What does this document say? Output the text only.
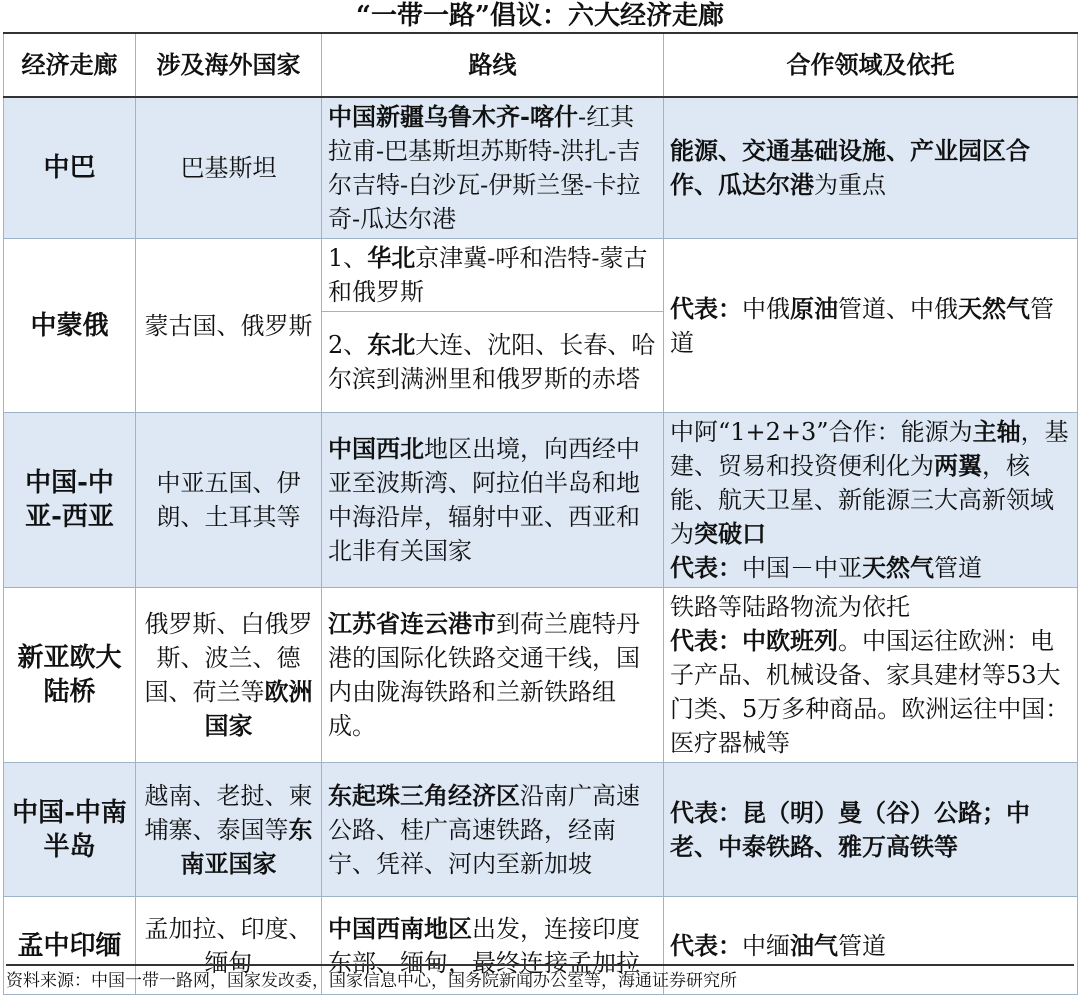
“一带一路”倡议：六大经济走廊
经济走廊	涉及海外国家	路线	合作领域及依托
中巴	巴基斯坦	中国新疆乌鲁木齐-喀什-红其拉甫-巴基斯坦苏斯特-洪扎-吉尔吉特-白沙瓦-伊斯兰堡-卡拉奇-瓜达尔港	能源、交通基础设施、产业园区合作、瓜达尔港为重点
中蒙俄	蒙古国、俄罗斯	1、华北京津冀-呼和浩特-蒙古和俄罗斯	代表：中俄原油管道、中俄天然气管道
		2、东北大连、沈阳、长春、哈尔滨到满洲里和俄罗斯的赤塔	
中国-中亚-西亚	中亚五国、伊朗、土耳其等	中国西北地区出境，向西经中亚至波斯湾、阿拉伯半岛和地中海沿岸，辐射中亚、西亚和北非有关国家	中阿“1+2+3”合作：能源为主轴，基建、贸易和投资便利化为两翼，核能、航天卫星、新能源三大高新领域为突破口
代表：中国－中亚天然气管道

新亚欧大陆桥	俄罗斯、白俄罗斯、波兰、德国、荷兰等欧洲国家	江苏省连云港市到荷兰鹿特丹港的国际化铁路交通干线，国内由陇海铁路和兰新铁路组成。	铁路等陆路物流为依托
代表：中欧班列。中国运往欧洲：电子产品、机械设备、家具建材等53大门类、5万多种商品。欧洲运往中国：医疗器械等
中国-中南半岛	越南、老挝、柬埔寨、泰国等东南亚国家	东起珠三角经济区沿南广高速公路、桂广高速铁路，经南宁、凭祥、河内至新加坡	代表：昆（明）曼（谷）公路；中老、中泰铁路、雅万高铁等
孟中印缅	孟加拉、印度、缅甸	中国西南地区出发，连接印度东部、缅甸，最终连接孟加拉	代表：中缅油气管道
资料来源：中国一带一路网，国家发改委，国家信息中心，国务院新闻办公室等，海通证券研究所
